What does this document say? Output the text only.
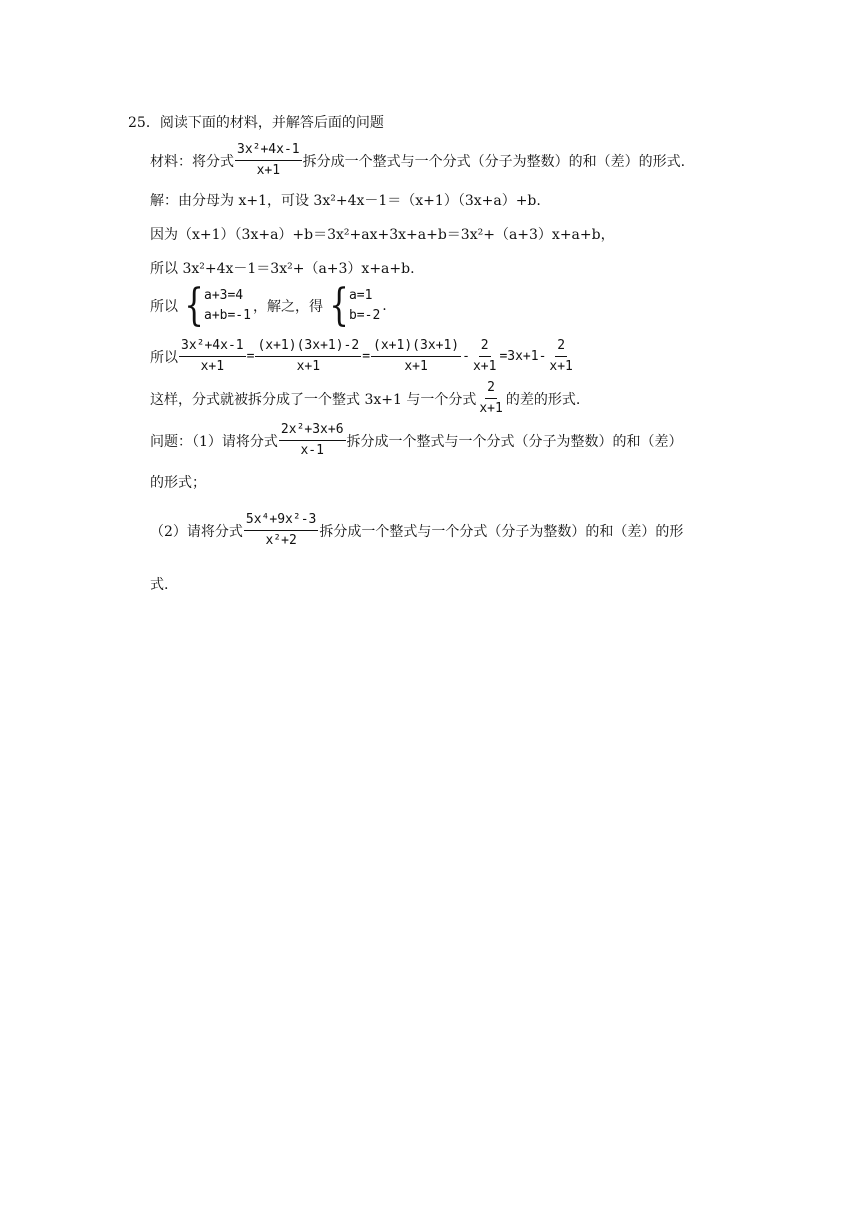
25． 阅读下面的材料，并解答后面的问题
材料：将分式 $\frac{\text{3x²+4x-1}}{x+1}$ 拆分成一个整式与一个分式（分子为整数）的和（差）的形式.
解：由分母为 x+1，可设 3x²+4x－1＝（x+1）（3x+a）+b.
因为（x+1）（3x+a）+b＝3x²+ax+3x+a+b＝3x²+（a+3）x+a+b，
所以 3x²+4x－1＝3x²+（a+3）x+a+b.
所以 { a+3=4
a+b=-1
，解之，得 { a=1
b=-2
.
所以 $\frac{\text{3x²+4x-1}}{x+1} = \frac{(x+1)(3x+1)-2}{x+1} = \frac{(x+1)(3x+1)}{x+1} - \frac{2}{x+1} =3x+1- \frac{2}{x+1}$
这样，分式就被拆分成了一个整式 3x+1 与一个分式 $\frac{2}{x+1}$ 的差的形式.
问题：（1）请将分式 $\frac{\text{2x²+3x+6}}{x-1}$ 拆分成一个整式与一个分式（分子为整数）的和（差）
的形式；
（2）请将分式 $\frac{\text{5x⁴+9x²-3}}{\text{x²+2}}$ 拆分成一个整式与一个分式（分子为整数）的和（差）的形
式.
